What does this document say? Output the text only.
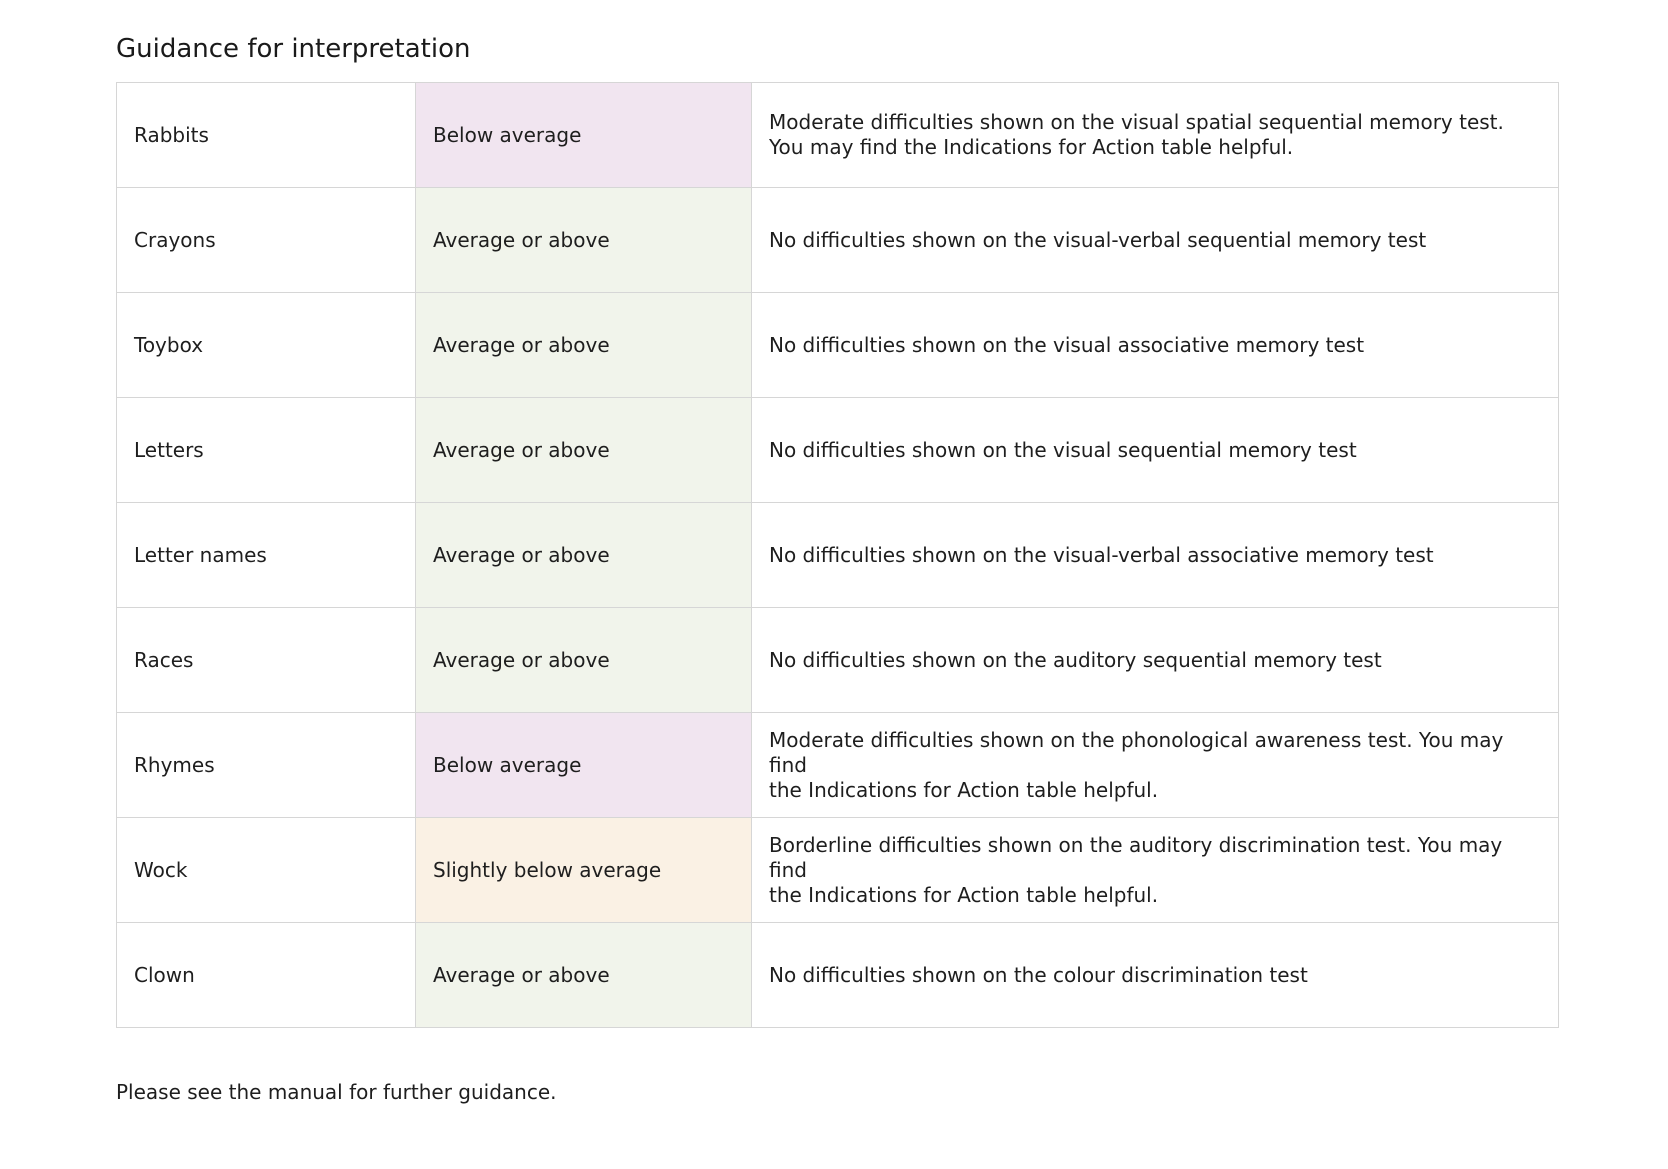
Guidance for interpretation
Rabbits	Below average	Moderate difficulties shown on the visual spatial sequential memory test.
You may find the Indications for Action table helpful.

Crayons	Average or above	No difficulties shown on the visual-verbal sequential memory test

Toybox	Average or above	No difficulties shown on the visual associative memory test

Letters	Average or above	No difficulties shown on the visual sequential memory test

Letter names	Average or above	No difficulties shown on the visual-verbal associative memory test

Races	Average or above	No difficulties shown on the auditory sequential memory test

Rhymes	Below average	Moderate difficulties shown on the phonological awareness test. You may find
the Indications for Action table helpful.

Wock	Slightly below average	Borderline difficulties shown on the auditory discrimination test. You may find
the Indications for Action table helpful.

Clown	Average or above	No difficulties shown on the colour discrimination test

Please see the manual for further guidance.
